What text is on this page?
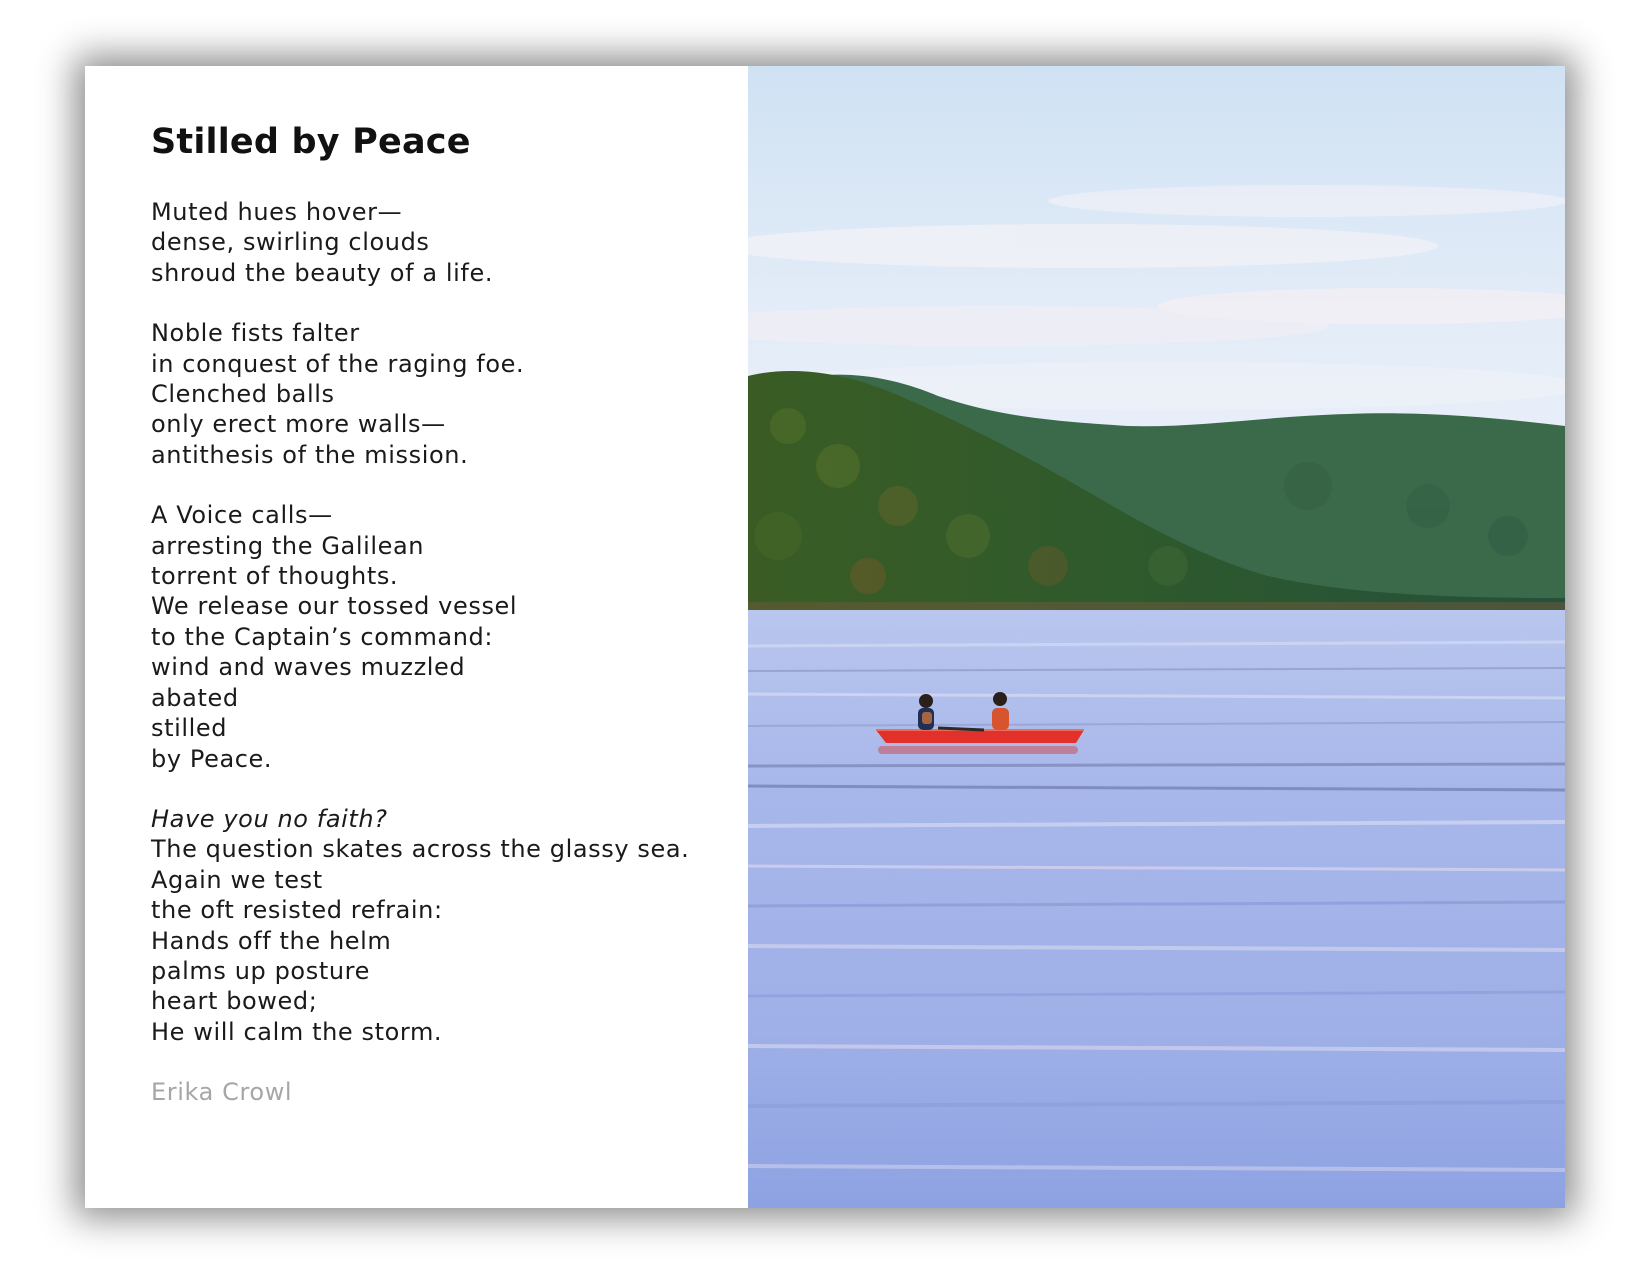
Stilled by Peace

Muted hues hover—
dense, swirling clouds
shroud the beauty of a life.

Noble fists falter
in conquest of the raging foe.
Clenched balls
only erect more walls—
antithesis of the mission.

A Voice calls—
arresting the Galilean
torrent of thoughts.
We release our tossed vessel
to the Captain’s command:
wind and waves muzzled
abated
stilled
by Peace.

Have you no faith?
The question skates across the glassy sea.
Again we test
the oft resisted refrain:
Hands off the helm
palms up posture
heart bowed;
He will calm the storm.

Erika Crowl
